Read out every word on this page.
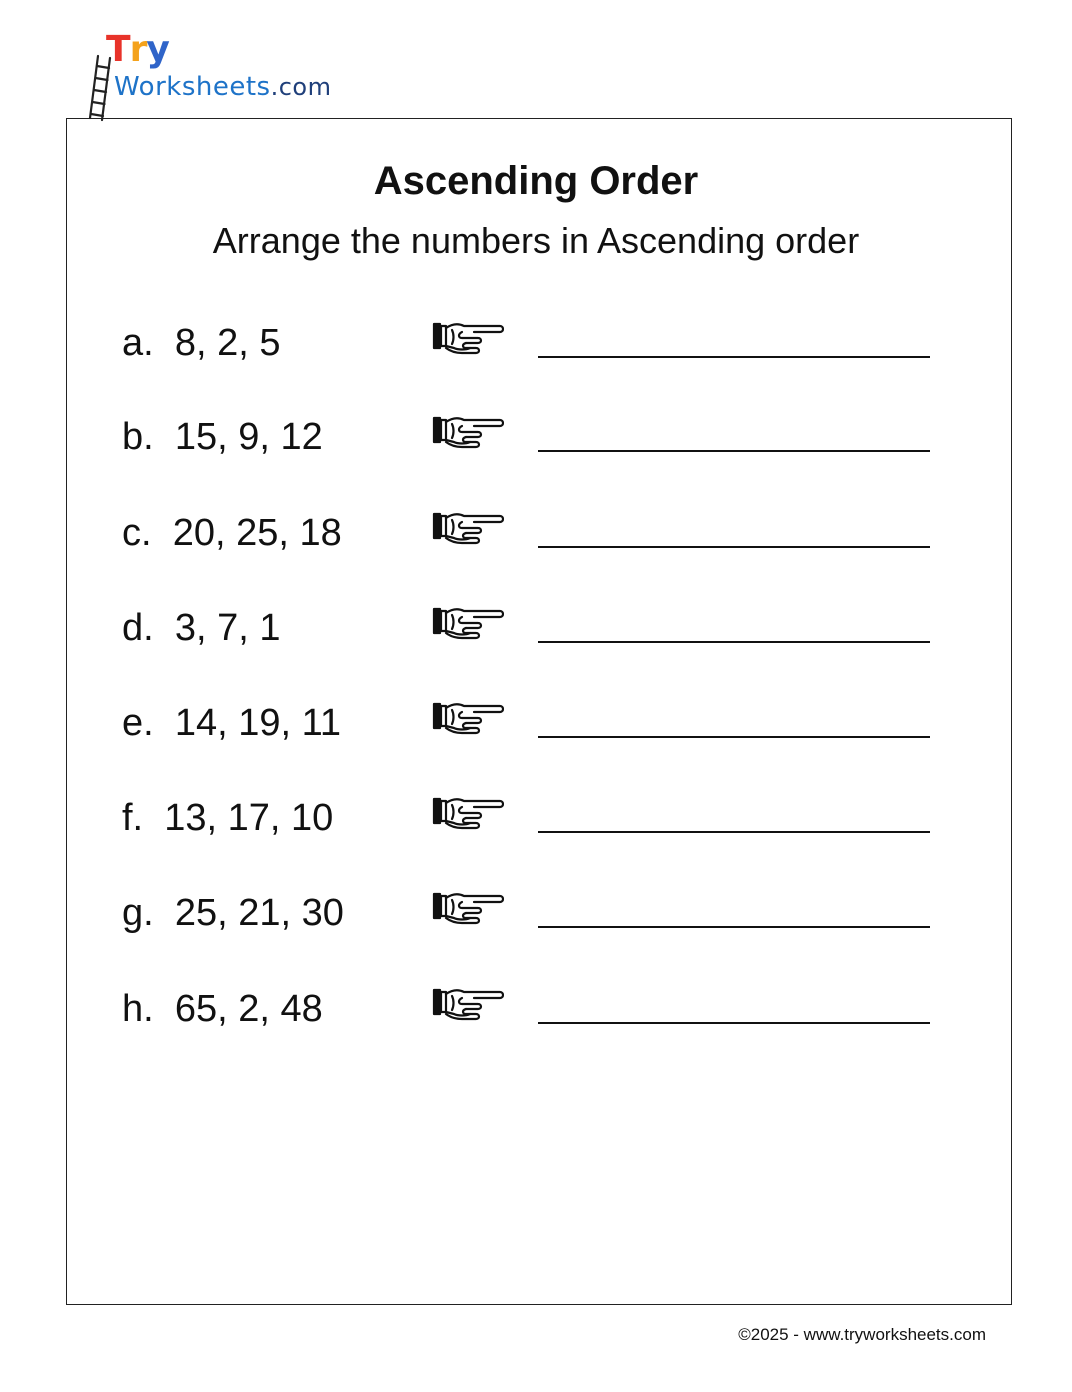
Try
Worksheets.com
Ascending Order
Arrange the numbers in Ascending order
a. 8, 2, 5
b. 15, 9, 12
c. 20, 25, 18
d. 3, 7, 1
e. 14, 19, 11
f. 13, 17, 10
g. 25, 21, 30
h. 65, 2, 48
©2025 - www.tryworksheets.com
